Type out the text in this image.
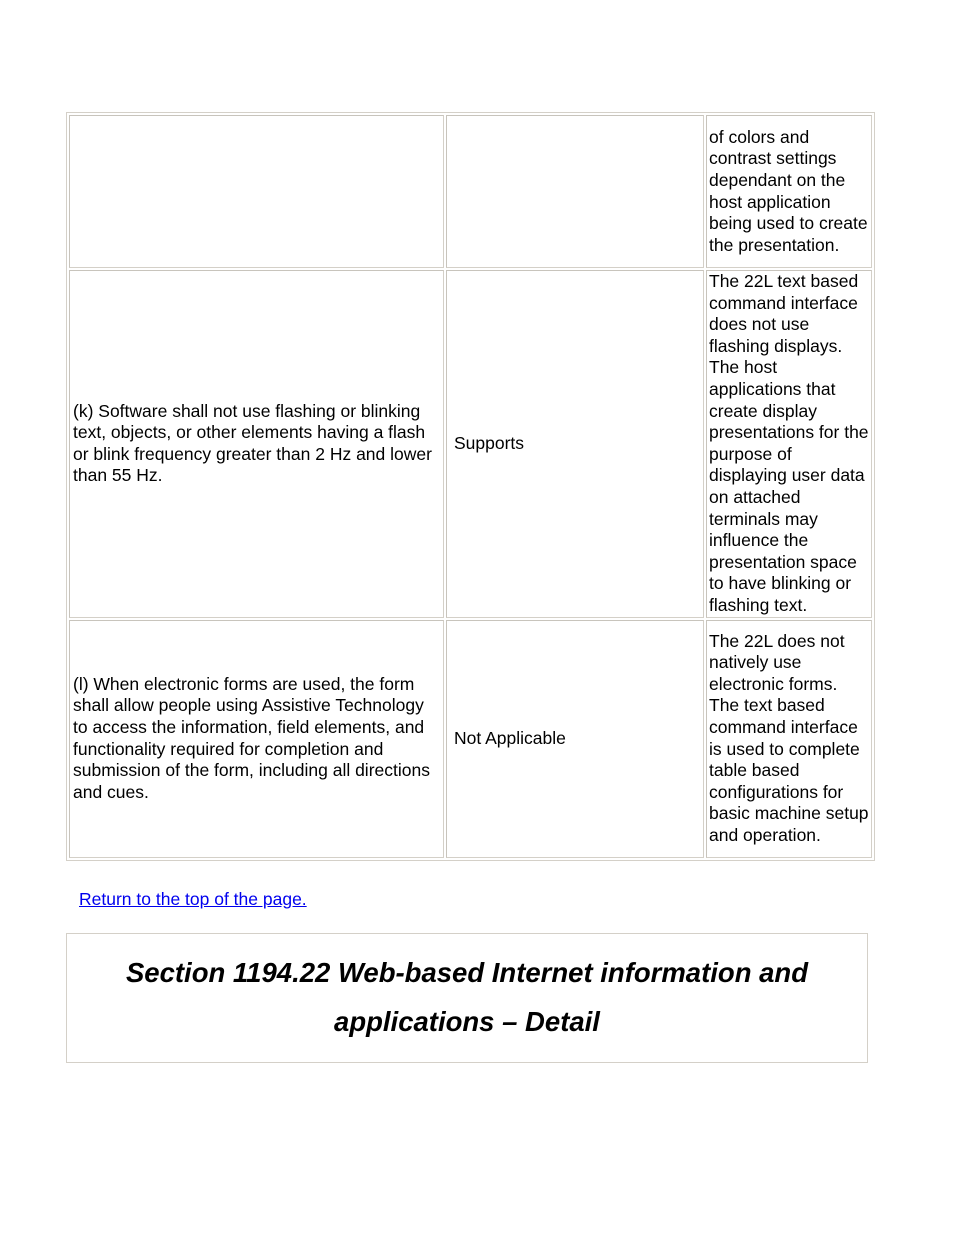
		of colors and contrast settings dependant on the host application being used to create the presentation.
(k) Software shall not use flashing or blinking text, objects, or other elements having a flash or blink frequency greater than 2 Hz and lower than 55 Hz.	Supports	The 22L text based command interface does not use flashing displays. The host applications that create display presentations for the purpose of displaying user data on attached terminals may influence the presentation space to have blinking or flashing text.
(l) When electronic forms are used, the form shall allow people using Assistive Technology to access the information, field elements, and functionality required for completion and submission of the form, including all directions and cues.	Not Applicable	The 22L does not natively use electronic forms. The text based command interface is used to complete table based configurations for basic machine setup and operation.
Return to the top of the page.
Section 1194.22 Web-based Internet information and applications – Detail
